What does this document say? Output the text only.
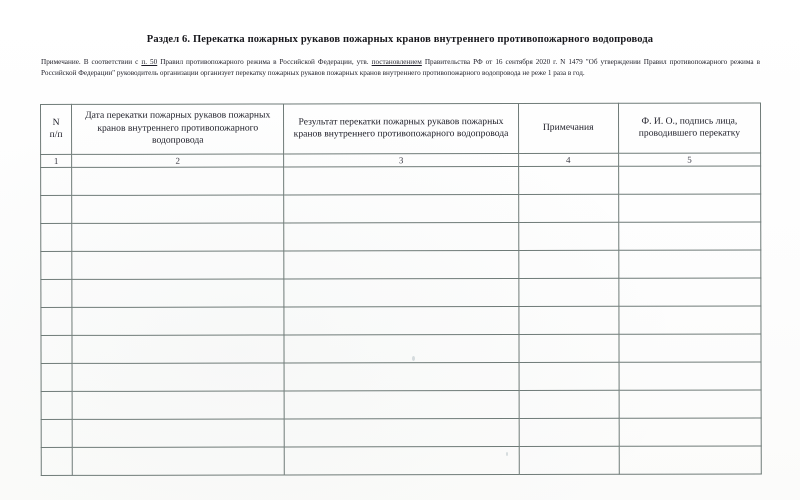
Раздел 6. Перекатка пожарных рукавов пожарных кранов внутреннего противопожарного водопровода
Примечание. В соответствии с п. 50 Правил противопожарного режима в Российской Федерации, утв. постановлением Правительства РФ от 16 сентября 2020 г. N 1479 "Об утверждении Правил противопожарного режима в Российской Федерации" руководитель организации организует перекатку пожарных рукавов пожарных кранов внутреннего противопожарного водопровода не реже 1 раза в год.
N
п/п	Дата перекатки пожарных рукавов пожарных кранов внутреннего противопожарного водопровода	Результат перекатки пожарных рукавов пожарных кранов внутреннего противопожарного водопровода	Примечания	Ф. И. О., подпись лица, проводившего перекатку
1	2	3	4	5
